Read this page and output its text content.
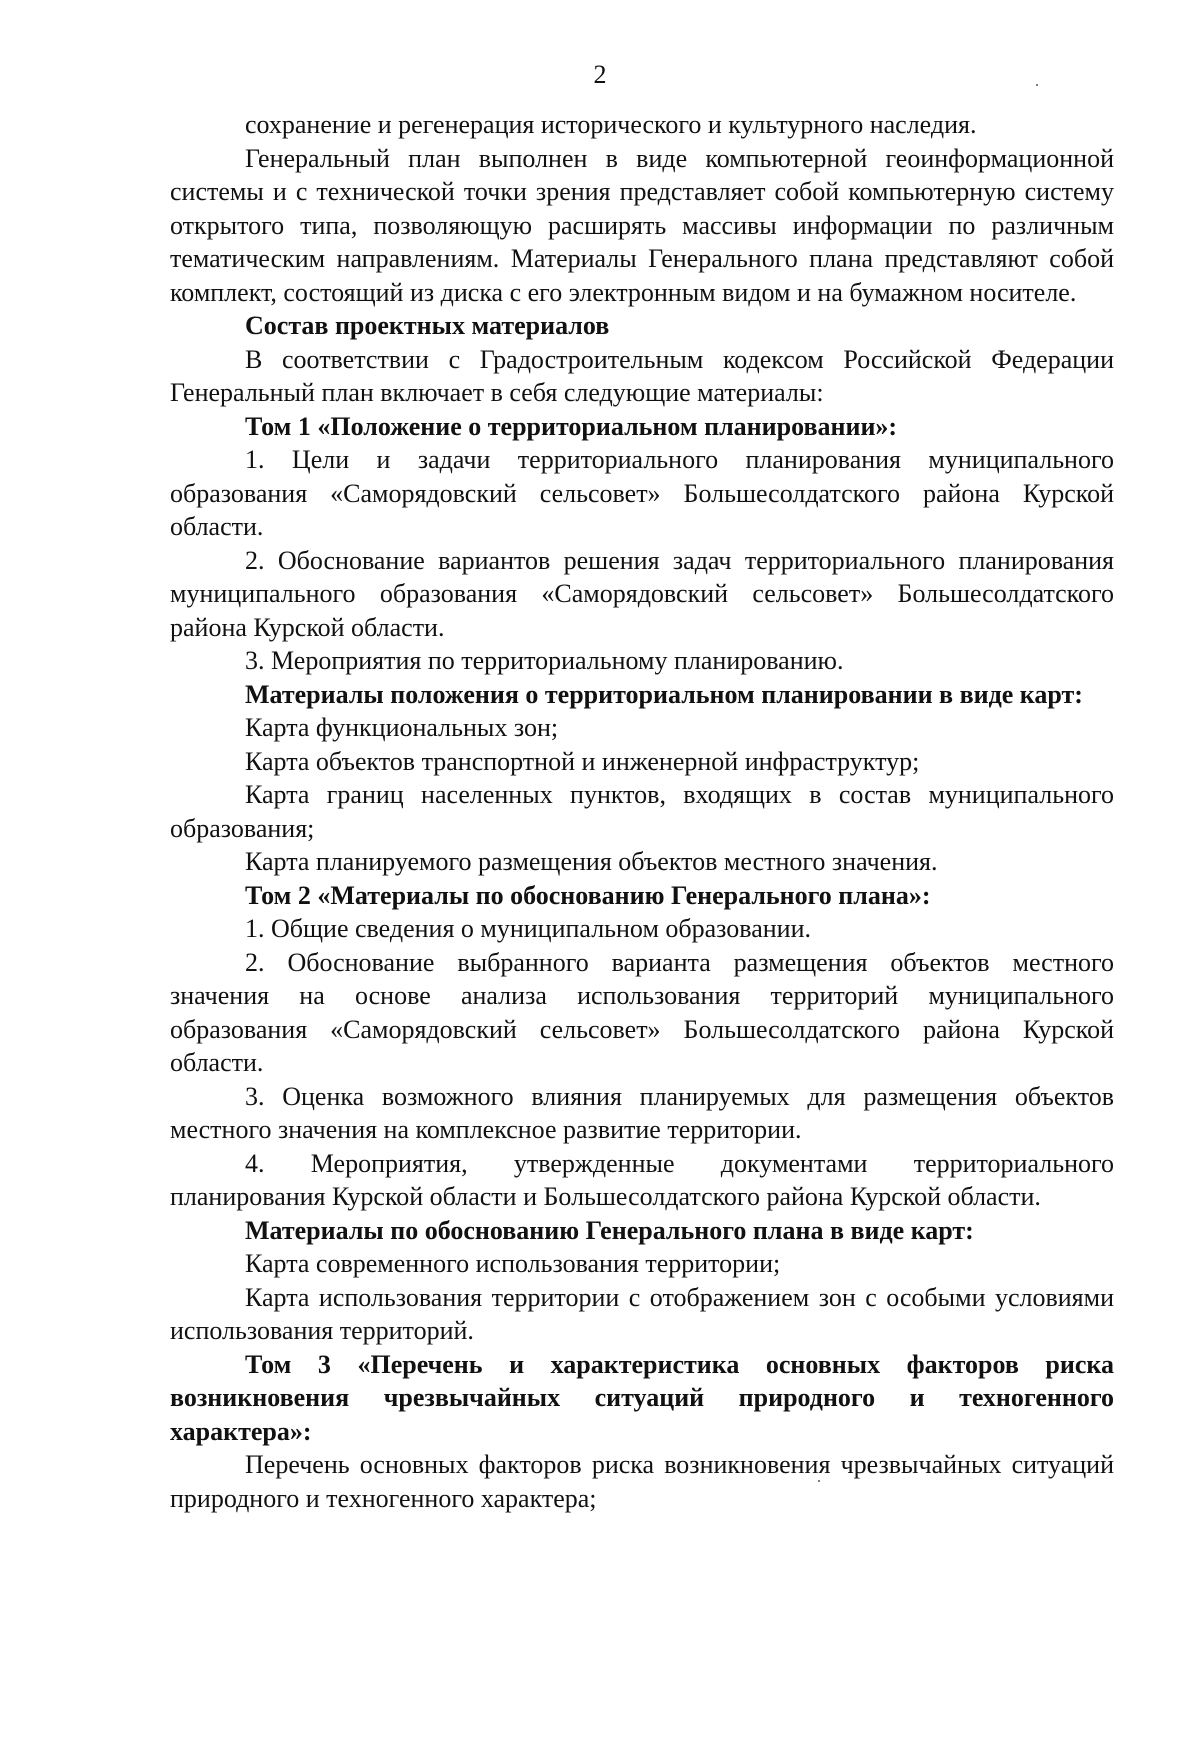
2

сохранение и регенерация исторического и культурного наследия.

Генеральный план выполнен в виде компьютерной геоинформационной системы и с технической точки зрения представляет собой компьютерную систему открытого типа, позволяющую расширять массивы информации по различным тематическим направлениям. Материалы Генерального плана представляют собой комплект, состоящий из диска с его электронным видом и на бумажном носителе.

Состав проектных материалов

В соответствии с Градостроительным кодексом Российской Федерации Генеральный план включает в себя следующие материалы:

Том 1 «Положение о территориальном планировании»:

1. Цели и задачи территориального планирования муниципального образования «Саморядовский сельсовет» Большесолдатского района Курской области.

2. Обоснование вариантов решения задач территориального планирования муниципального образования «Саморядовский сельсовет» Большесолдатского района Курской области.

3. Мероприятия по территориальному планированию.

Материалы положения о территориальном планировании в виде карт:

Карта функциональных зон;

Карта объектов транспортной и инженерной инфраструктур;

Карта границ населенных пунктов, входящих в состав муниципального образования;

Карта планируемого размещения объектов местного значения.

Том 2 «Материалы по обоснованию Генерального плана»:

1. Общие сведения о муниципальном образовании.

2. Обоснование выбранного варианта размещения объектов местного значения на основе анализа использования территорий муниципального образования «Саморядовский сельсовет» Большесолдатского района Курской области.

3. Оценка возможного влияния планируемых для размещения объектов местного значения на комплексное развитие территории.

4. Мероприятия, утвержденные документами территориального планирования Курской области и Большесолдатского района Курской области.

Материалы по обоснованию Генерального плана в виде карт:

Карта современного использования территории;

Карта использования территории с отображением зон с особыми условиями использования территорий.

Том 3 «Перечень и характеристика основных факторов риска возникновения чрезвычайных ситуаций природного и техногенного характера»:

Перечень основных факторов риска возникновения чрезвычайных ситуаций природного и техногенного характера;
